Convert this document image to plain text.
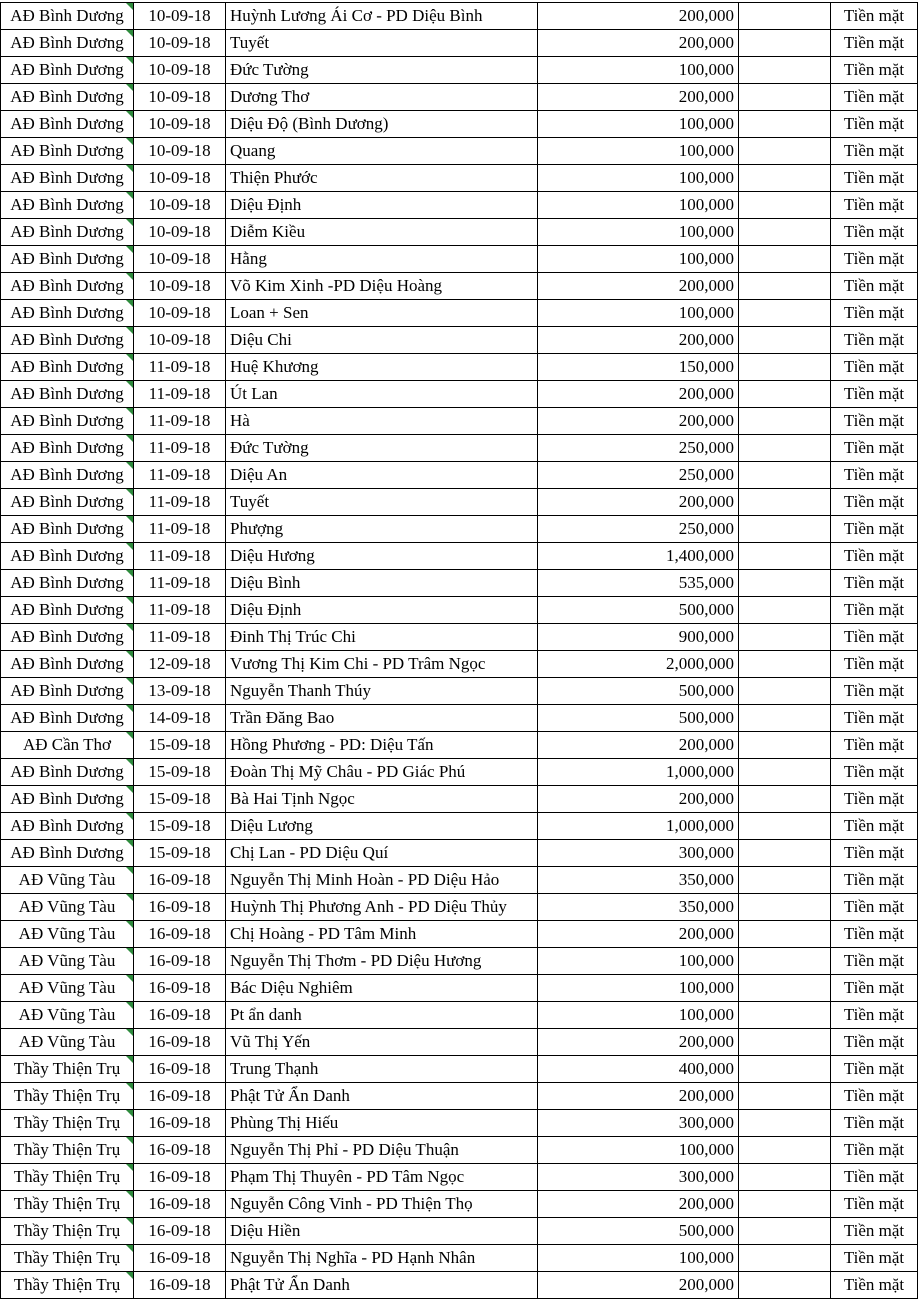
AĐ Bình Dương	10-09-18	Huỳnh Lương Ái Cơ - PD Diệu Bình	200,000		Tiền mặt
AĐ Bình Dương	10-09-18	Tuyết	200,000		Tiền mặt
AĐ Bình Dương	10-09-18	Đức Tường	100,000		Tiền mặt
AĐ Bình Dương	10-09-18	Dương Thơ	200,000		Tiền mặt
AĐ Bình Dương	10-09-18	Diệu Độ (Bình Dương)	100,000		Tiền mặt
AĐ Bình Dương	10-09-18	Quang	100,000		Tiền mặt
AĐ Bình Dương	10-09-18	Thiện Phước	100,000		Tiền mặt
AĐ Bình Dương	10-09-18	Diệu Định	100,000		Tiền mặt
AĐ Bình Dương	10-09-18	Diễm Kiều	100,000		Tiền mặt
AĐ Bình Dương	10-09-18	Hằng	100,000		Tiền mặt
AĐ Bình Dương	10-09-18	Võ Kim Xinh -PD Diệu Hoàng	200,000		Tiền mặt
AĐ Bình Dương	10-09-18	Loan + Sen	100,000		Tiền mặt
AĐ Bình Dương	10-09-18	Diệu Chi	200,000		Tiền mặt
AĐ Bình Dương	11-09-18	Huệ Khương	150,000		Tiền mặt
AĐ Bình Dương	11-09-18	Út Lan	200,000		Tiền mặt
AĐ Bình Dương	11-09-18	Hà	200,000		Tiền mặt
AĐ Bình Dương	11-09-18	Đức Tường	250,000		Tiền mặt
AĐ Bình Dương	11-09-18	Diệu An	250,000		Tiền mặt
AĐ Bình Dương	11-09-18	Tuyết	200,000		Tiền mặt
AĐ Bình Dương	11-09-18	Phượng	250,000		Tiền mặt
AĐ Bình Dương	11-09-18	Diệu Hương	1,400,000		Tiền mặt
AĐ Bình Dương	11-09-18	Diệu Bình	535,000		Tiền mặt
AĐ Bình Dương	11-09-18	Diệu Định	500,000		Tiền mặt
AĐ Bình Dương	11-09-18	Đinh Thị Trúc Chi	900,000		Tiền mặt
AĐ Bình Dương	12-09-18	Vương Thị Kim Chi - PD Trâm Ngọc	2,000,000		Tiền mặt
AĐ Bình Dương	13-09-18	Nguyễn Thanh Thúy	500,000		Tiền mặt
AĐ Bình Dương	14-09-18	Trần Đăng Bao	500,000		Tiền mặt
AĐ Cần Thơ	15-09-18	Hồng Phương - PD: Diệu Tấn	200,000		Tiền mặt
AĐ Bình Dương	15-09-18	Đoàn Thị Mỹ Châu - PD Giác Phú	1,000,000		Tiền mặt
AĐ Bình Dương	15-09-18	Bà Hai Tịnh Ngọc	200,000		Tiền mặt
AĐ Bình Dương	15-09-18	Diệu Lương	1,000,000		Tiền mặt
AĐ Bình Dương	15-09-18	Chị Lan - PD Diệu Quí	300,000		Tiền mặt
AĐ Vũng Tàu	16-09-18	Nguyễn Thị Minh Hoàn - PD Diệu Hảo	350,000		Tiền mặt
AĐ Vũng Tàu	16-09-18	Huỳnh Thị Phương Anh - PD Diệu Thủy	350,000		Tiền mặt
AĐ Vũng Tàu	16-09-18	Chị Hoàng - PD Tâm Minh	200,000		Tiền mặt
AĐ Vũng Tàu	16-09-18	Nguyễn Thị Thơm - PD Diệu Hương	100,000		Tiền mặt
AĐ Vũng Tàu	16-09-18	Bác Diệu Nghiêm	100,000		Tiền mặt
AĐ Vũng Tàu	16-09-18	Pt ẩn danh	100,000		Tiền mặt
AĐ Vũng Tàu	16-09-18	Vũ Thị Yến	200,000		Tiền mặt
Thầy Thiện Trụ	16-09-18	Trung Thạnh	400,000		Tiền mặt
Thầy Thiện Trụ	16-09-18	Phật Tử Ẩn Danh	200,000		Tiền mặt
Thầy Thiện Trụ	16-09-18	Phùng Thị Hiếu	300,000		Tiền mặt
Thầy Thiện Trụ	16-09-18	Nguyễn Thị Phỉ - PD Diệu Thuận	100,000		Tiền mặt
Thầy Thiện Trụ	16-09-18	Phạm Thị Thuyên - PD Tâm Ngọc	300,000		Tiền mặt
Thầy Thiện Trụ	16-09-18	Nguyễn Công Vinh - PD Thiện Thọ	200,000		Tiền mặt
Thầy Thiện Trụ	16-09-18	Diệu Hiền	500,000		Tiền mặt
Thầy Thiện Trụ	16-09-18	Nguyễn Thị Nghĩa - PD Hạnh Nhân	100,000		Tiền mặt
Thầy Thiện Trụ	16-09-18	Phật Tử Ẩn Danh	200,000		Tiền mặt
